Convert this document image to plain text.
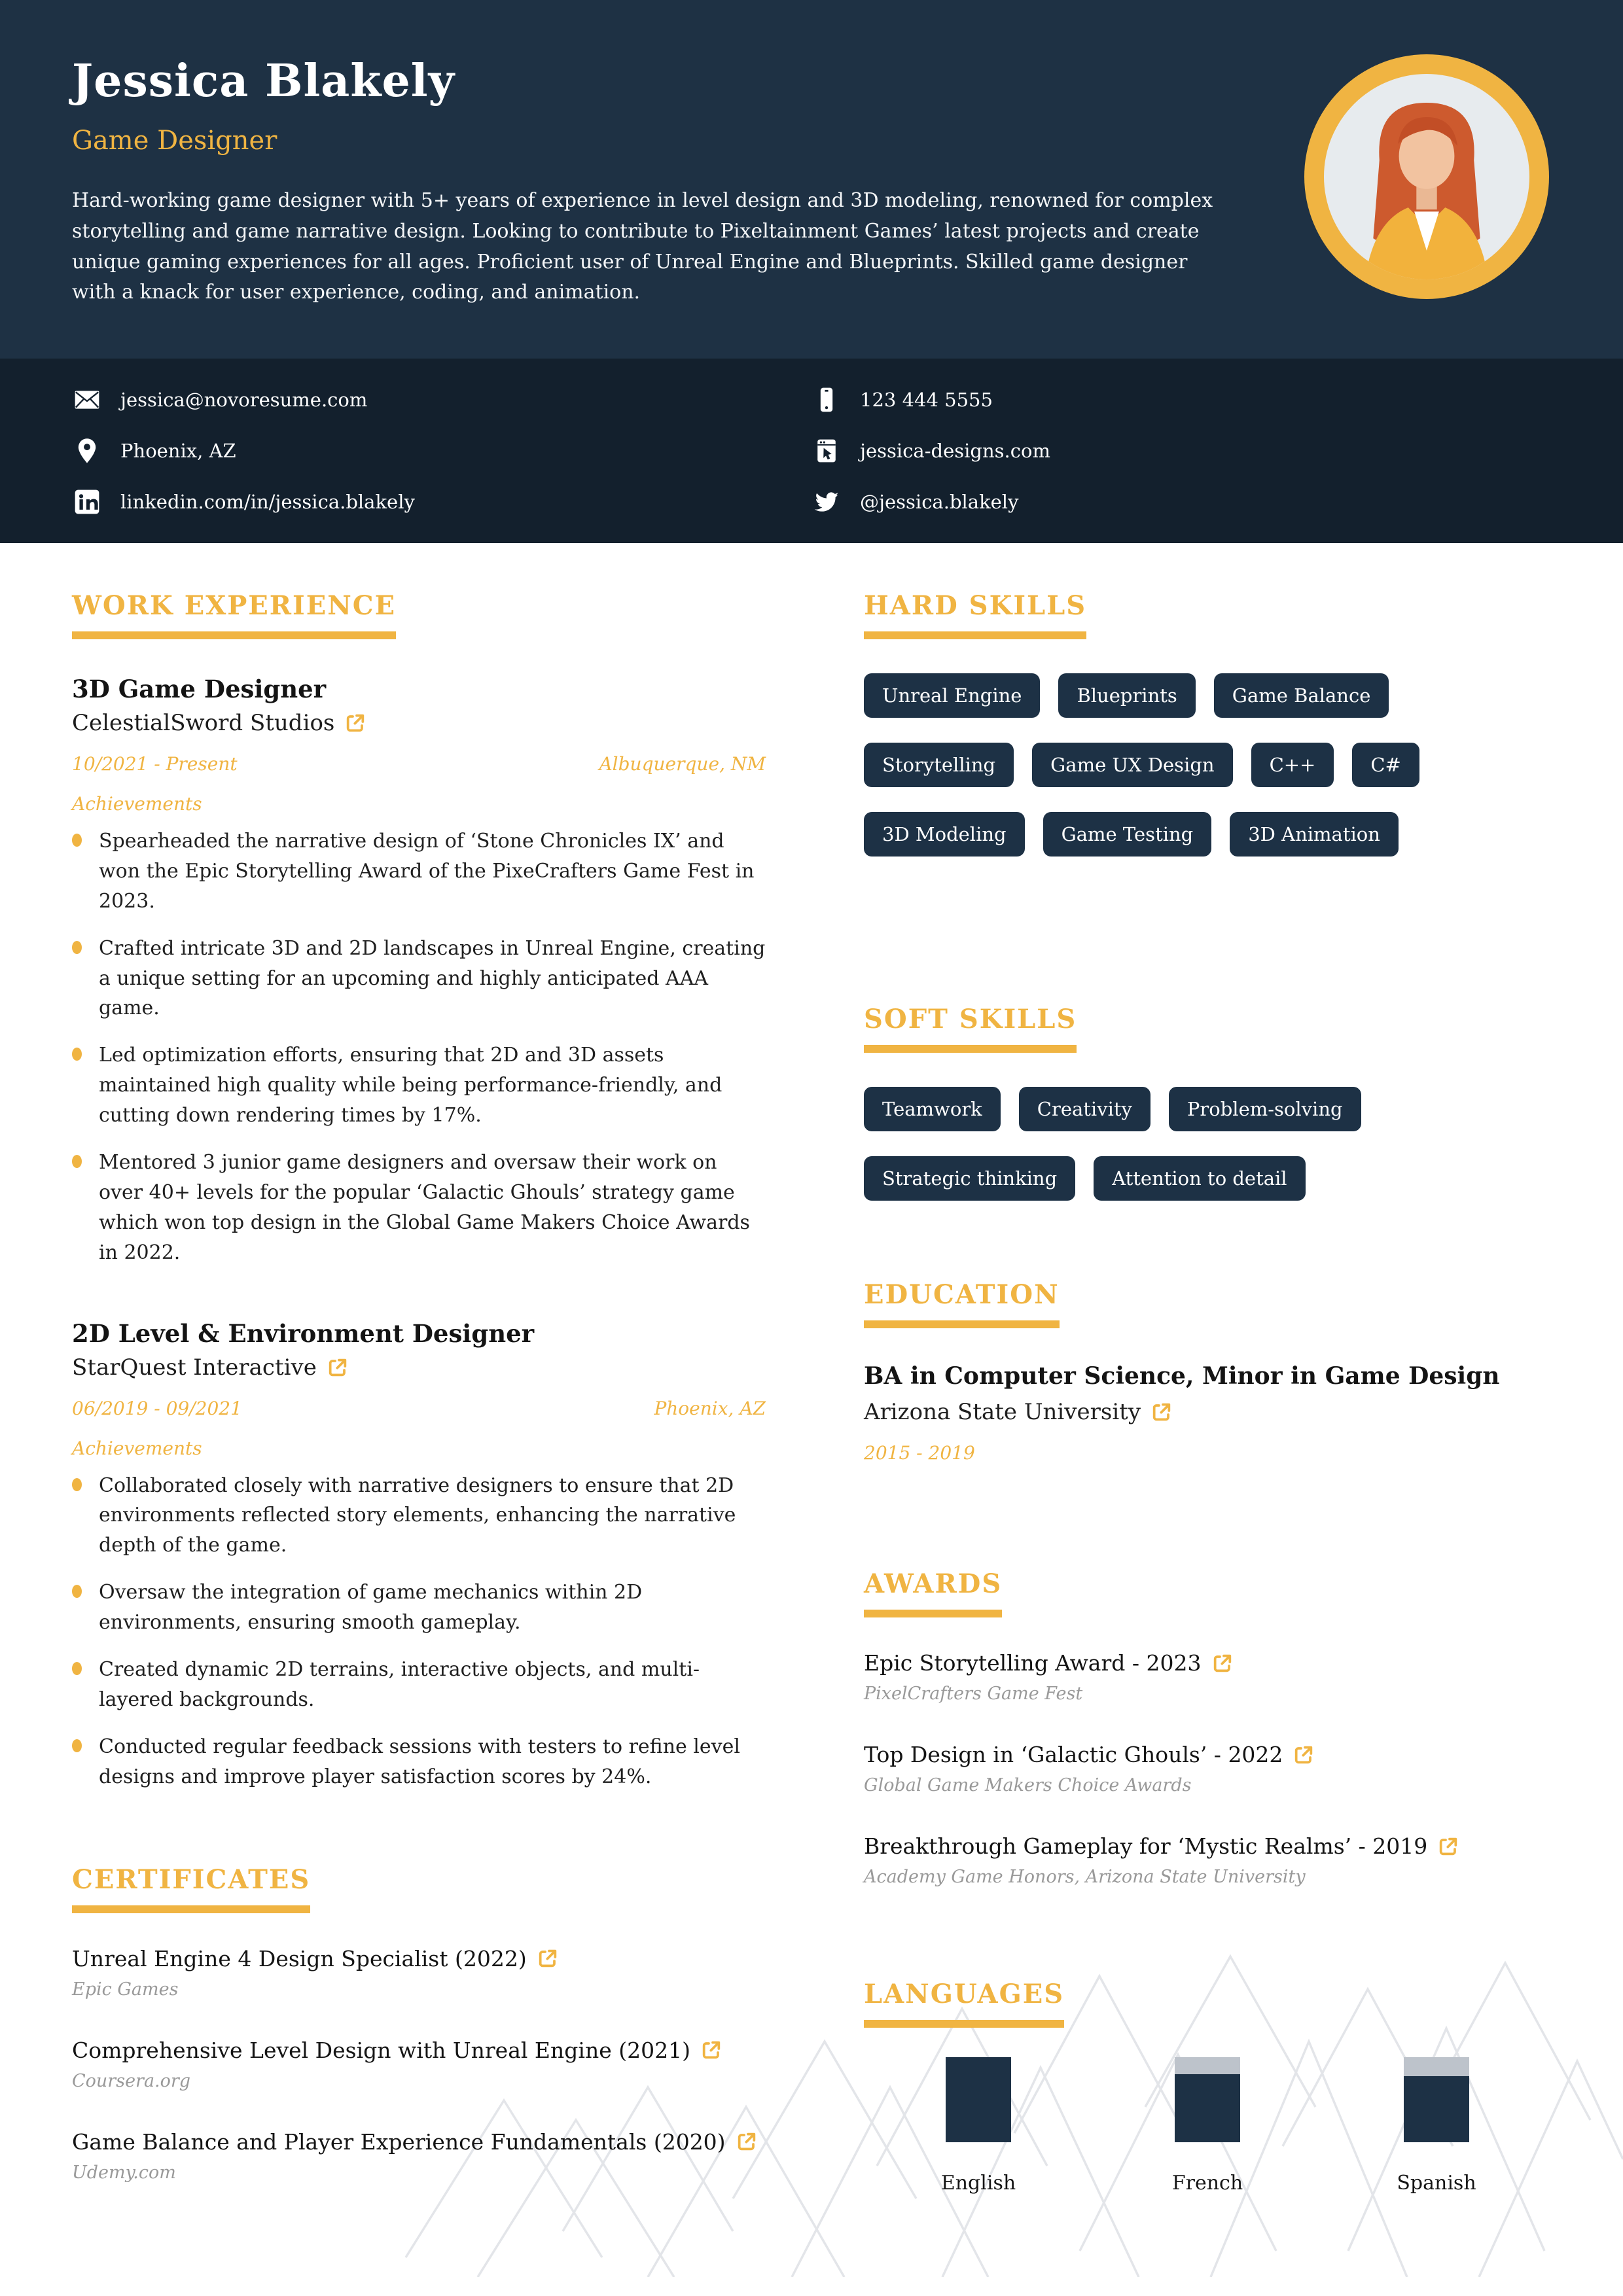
Jessica Blakely
Game Designer
Hard-working game designer with 5+ years of experience in level design and 3D modeling, renowned for complex storytelling and game narrative design. Looking to contribute to Pixeltainment Games’ latest projects and create unique gaming experiences for all ages. Proficient user of Unreal Engine and Blueprints. Skilled game designer with a knack for user experience, coding, and animation.
jessica@novoresume.com
Phoenix, AZ
linkedin.com/in/jessica.blakely
123 444 5555
jessica-designs.com
@jessica.blakely
WORK EXPERIENCE
3D Game Designer
CelestialSword Studios
10/2021 - Present	Albuquerque, NM
Achievements
Spearheaded the narrative design of ‘Stone Chronicles IX’ and won the Epic Storytelling Award of the PixeCrafters Game Fest in 2023.
Crafted intricate 3D and 2D landscapes in Unreal Engine, creating a unique setting for an upcoming and highly anticipated AAA game.
Led optimization efforts, ensuring that 2D and 3D assets maintained high quality while being performance-friendly, and cutting down rendering times by 17%.
Mentored 3 junior game designers and oversaw their work on over 40+ levels for the popular ‘Galactic Ghouls’ strategy game which won top design in the Global Game Makers Choice Awards in 2022.
2D Level & Environment Designer
StarQuest Interactive
06/2019 - 09/2021	Phoenix, AZ
Achievements
Collaborated closely with narrative designers to ensure that 2D environments reflected story elements, enhancing the narrative depth of the game.
Oversaw the integration of game mechanics within 2D environments, ensuring smooth gameplay.
Created dynamic 2D terrains, interactive objects, and multi-layered backgrounds.
Conducted regular feedback sessions with testers to refine level designs and improve player satisfaction scores by 24%.
CERTIFICATES
Unreal Engine 4 Design Specialist (2022)
Epic Games
Comprehensive Level Design with Unreal Engine (2021)
Coursera.org
Game Balance and Player Experience Fundamentals (2020)
Udemy.com
HARD SKILLS
Unreal Engine	Blueprints	Game Balance
Storytelling	Game UX Design	C++	C#
3D Modeling	Game Testing	3D Animation
SOFT SKILLS
Teamwork	Creativity	Problem-solving
Strategic thinking	Attention to detail
EDUCATION
BA in Computer Science, Minor in Game Design
Arizona State University
2015 - 2019
AWARDS
Epic Storytelling Award - 2023
PixelCrafters Game Fest
Top Design in ‘Galactic Ghouls’ - 2022
Global Game Makers Choice Awards
Breakthrough Gameplay for ‘Mystic Realms’ - 2019
Academy Game Honors, Arizona State University
LANGUAGES
English	French	Spanish
